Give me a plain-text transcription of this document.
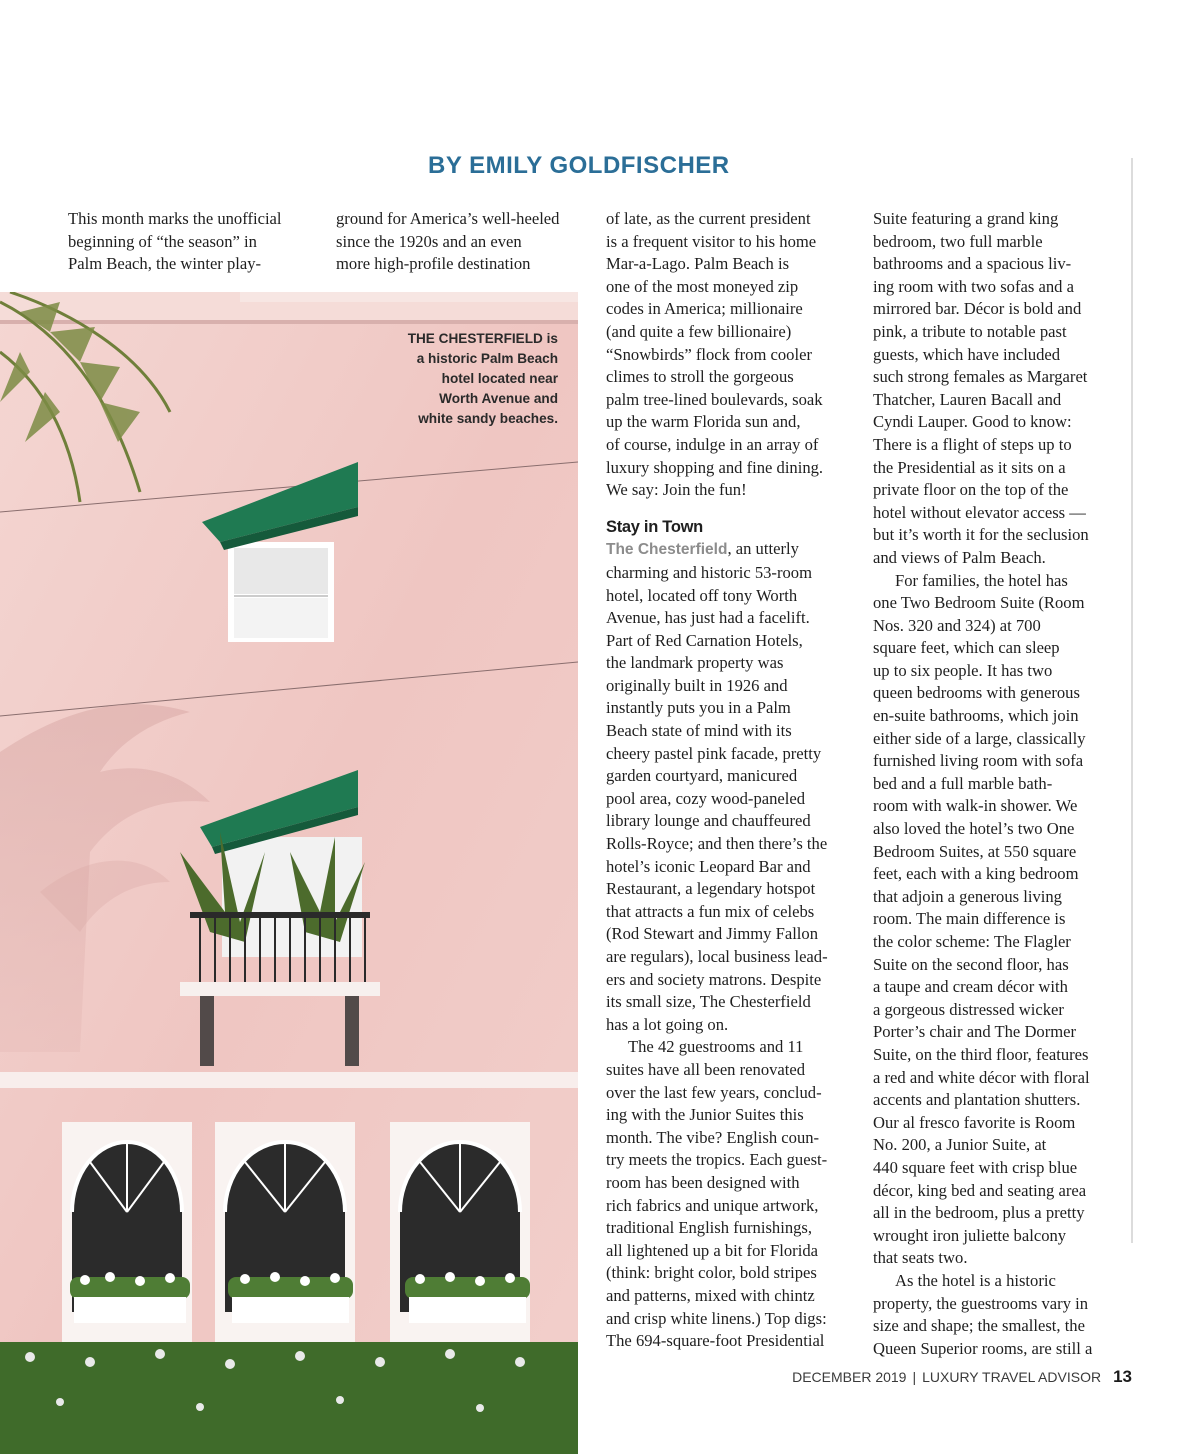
BY EMILY GOLDFISCHER
THE CHESTERFIELD is
a historic Palm Beach
hotel located near
Worth Avenue and
white sandy beaches.
This month marks the unofficial
beginning of “the season” in
Palm Beach, the winter play-
ground for America’s well-heeled
since the 1920s and an even
more high-profile destination
of late, as the current president
is a frequent visitor to his home
Mar-a-Lago. Palm Beach is
one of the most moneyed zip
codes in America; millionaire
(and quite a few billionaire)
“Snowbirds” flock from cooler
climes to stroll the gorgeous
palm tree-lined boulevards, soak
up the warm Florida sun and,
of course, indulge in an array of
luxury shopping and fine dining.
We say: Join the fun!
Stay in Town
The Chesterfield, an utterly
charming and historic 53-room
hotel, located off tony Worth
Avenue, has just had a facelift.
Part of Red Carnation Hotels,
the landmark property was
originally built in 1926 and
instantly puts you in a Palm
Beach state of mind with its
cheery pastel pink facade, pretty
garden courtyard, manicured
pool area, cozy wood-paneled
library lounge and chauffeured
Rolls-Royce; and then there’s the
hotel’s iconic Leopard Bar and
Restaurant, a legendary hotspot
that attracts a fun mix of celebs
(Rod Stewart and Jimmy Fallon
are regulars), local business lead-
ers and society matrons. Despite
its small size, The Chesterfield
has a lot going on.
The 42 guestrooms and 11
suites have all been renovated
over the last few years, conclud-
ing with the Junior Suites this
month. The vibe? English coun-
try meets the tropics. Each guest-
room has been designed with
rich fabrics and unique artwork,
traditional English furnishings,
all lightened up a bit for Florida
(think: bright color, bold stripes
and patterns, mixed with chintz
and crisp white linens.) Top digs:
The 694-square-foot Presidential
Suite featuring a grand king
bedroom, two full marble
bathrooms and a spacious liv-
ing room with two sofas and a
mirrored bar. Décor is bold and
pink, a tribute to notable past
guests, which have included
such strong females as Margaret
Thatcher, Lauren Bacall and
Cyndi Lauper. Good to know:
There is a flight of steps up to
the Presidential as it sits on a
private floor on the top of the
hotel without elevator access —
but it’s worth it for the seclusion
and views of Palm Beach.
For families, the hotel has
one Two Bedroom Suite (Room
Nos. 320 and 324) at 700
square feet, which can sleep
up to six people. It has two
queen bedrooms with generous
en-suite bathrooms, which join
either side of a large, classically
furnished living room with sofa
bed and a full marble bath-
room with walk-in shower. We
also loved the hotel’s two One
Bedroom Suites, at 550 square
feet, each with a king bedroom
that adjoin a generous living
room. The main difference is
the color scheme: The Flagler
Suite on the second floor, has
a taupe and cream décor with
a gorgeous distressed wicker
Porter’s chair and The Dormer
Suite, on the third floor, features
a red and white décor with floral
accents and plantation shutters.
Our al fresco favorite is Room
No. 200, a Junior Suite, at
440 square feet with crisp blue
décor, king bed and seating area
all in the bedroom, plus a pretty
wrought iron juliette balcony
that seats two.
As the hotel is a historic
property, the guestrooms vary in
size and shape; the smallest, the
Queen Superior rooms, are still a
DECEMBER 2019 | LUXURY TRAVEL ADVISOR 13
